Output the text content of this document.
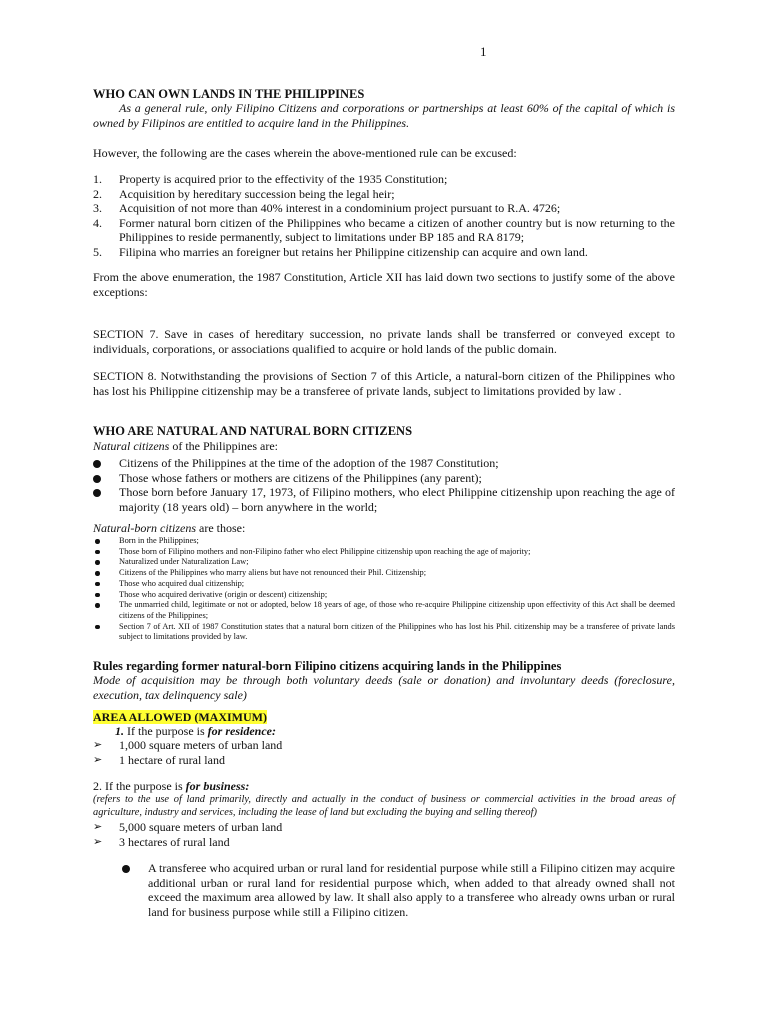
1
WHO CAN OWN LANDS IN THE PHILIPPINES
As a general rule, only Filipino Citizens and corporations or partnerships at least 60% of the capital of which is owned by Filipinos are entitled to acquire land in the Philippines.
However, the following are the cases wherein the above-mentioned rule can be excused:
1. Property is acquired prior to the effectivity of the 1935 Constitution;
2. Acquisition by hereditary succession being the legal heir;
3. Acquisition of not more than 40% interest in a condominium project pursuant to R.A. 4726;
4. Former natural born citizen of the Philippines who became a citizen of another country but is now returning to the Philippines to reside permanently, subject to limitations under BP 185 and RA 8179;
5. Filipina who marries an foreigner but retains her Philippine citizenship can acquire and own land.
From the above enumeration, the 1987 Constitution, Article XII has laid down two sections to justify some of the above exceptions:
SECTION 7. Save in cases of hereditary succession, no private lands shall be transferred or conveyed except to individuals, corporations, or associations qualified to acquire or hold lands of the public domain.
SECTION 8. Notwithstanding the provisions of Section 7 of this Article, a natural-born citizen of the Philippines who has lost his Philippine citizenship may be a transferee of private lands, subject to limitations provided by law .
WHO ARE NATURAL AND NATURAL BORN CITIZENS
Natural citizens of the Philippines are:
Citizens of the Philippines at the time of the adoption of the 1987 Constitution;
Those whose fathers or mothers are citizens of the Philippines (any parent);
Those born before January 17, 1973, of Filipino mothers, who elect Philippine citizenship upon reaching the age of majority (18 years old) – born anywhere in the world;
Natural-born citizens are those:
Born in the Philippines;
Those born of Filipino mothers and non-Filipino father who elect Philippine citizenship upon reaching the age of majority;
Naturalized under Naturalization Law;
Citizens of the Philippines who marry aliens but have not renounced their Phil. Citizenship;
Those who acquired dual citizenship;
Those who acquired derivative (origin or descent) citizenship;
The unmarried child, legitimate or not or adopted, below 18 years of age, of those who re-acquire Philippine citizenship upon effectivity of this Act shall be deemed citizens of the Philippines;
Section 7 of Art. XII of 1987 Constitution states that a natural born citizen of the Philippines who has lost his Phil. citizenship may be a transferee of private lands subject to limitations provided by law.
Rules regarding former natural-born Filipino citizens acquiring lands in the Philippines
Mode of acquisition may be through both voluntary deeds (sale or donation) and involuntary deeds (foreclosure, execution, tax delinquency sale)
AREA ALLOWED (MAXIMUM)
1. If the purpose is for residence:
➢ 1,000 square meters of urban land
➢ 1 hectare of rural land
2. If the purpose is for business:
(refers to the use of land primarily, directly and actually in the conduct of business or commercial activities in the broad areas of agriculture, industry and services, including the lease of land but excluding the buying and selling thereof)
➢ 5,000 square meters of urban land
➢ 3 hectares of rural land
A transferee who acquired urban or rural land for residential purpose while still a Filipino citizen may acquire additional urban or rural land for residential purpose which, when added to that already owned shall not exceed the maximum area allowed by law. It shall also apply to a transferee who already owns urban or rural land for business purpose while still a Filipino citizen.
